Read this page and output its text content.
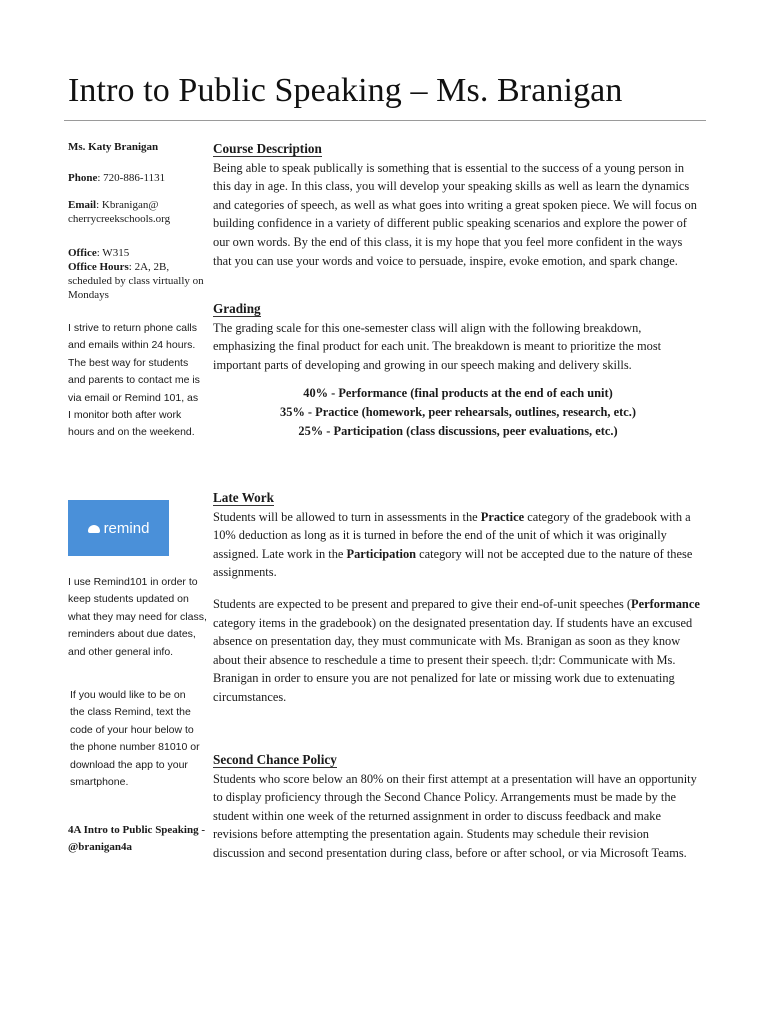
Intro to Public Speaking – Ms. Branigan
Ms. Katy Branigan
Phone: 720-886-1131
Email: Kbranigan@
cherrycreekschools.org
Office: W315
Office Hours: 2A, 2B, scheduled by class virtually on Mondays
I strive to return phone calls and emails within 24 hours. The best way for students and parents to contact me is via email or Remind 101, as I monitor both after work hours and on the weekend.
I use Remind101 in order to keep students updated on what they may need for class, reminders about due dates, and other general info.
If you would like to be on the class Remind, text the code of your hour below to the phone number 81010 or download the app to your smartphone.
4A Intro to Public Speaking - @branigan4a
remind
Course Description

Being able to speak publically is something that is essential to the success of a young person in this day in age. In this class, you will develop your speaking skills as well as learn the dynamics and categories of speech, as well as what goes into writing a great spoken piece. We will focus on building confidence in a variety of different public speaking scenarios and explore the power of our own words. By the end of this class, it is my hope that you feel more confident in the ways that you can use your words and voice to persuade, inspire, evoke emotion, and spark change.

Grading

The grading scale for this one-semester class will align with the following breakdown, emphasizing the final product for each unit. The breakdown is meant to prioritize the most important parts of developing and growing in our speech making and delivery skills.

40% - Performance (final products at the end of each unit)

35% - Practice (homework, peer rehearsals, outlines, research, etc.)

25% - Participation (class discussions, peer evaluations, etc.)

Late Work

Students will be allowed to turn in assessments in the Practice category of the gradebook with a 10% deduction as long as it is turned in before the end of the unit of which it was originally assigned. Late work in the Participation category will not be accepted due to the nature of these assignments.

Students are expected to be present and prepared to give their end-of-unit speeches (Performance category items in the gradebook) on the designated presentation day. If students have an excused absence on presentation day, they must communicate with Ms. Branigan as soon as they know about their absence to reschedule a time to present their speech. tl;dr: Communicate with Ms. Branigan in order to ensure you are not penalized for late or missing work due to extenuating circumstances.

Second Chance Policy

Students who score below an 80% on their first attempt at a presentation will have an opportunity to display proficiency through the Second Chance Policy. Arrangements must be made by the student within one week of the returned assignment in order to discuss feedback and make revisions before attempting the presentation again. Students may schedule their revision discussion and second presentation during class, before or after school, or via Microsoft Teams.
